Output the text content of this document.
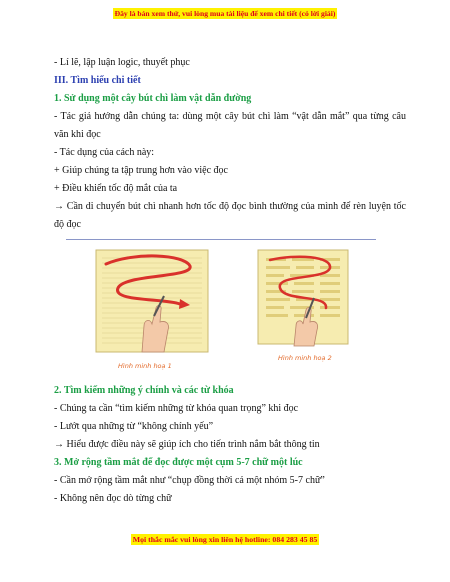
Đây là bản xem thử, vui lòng mua tài liệu để xem chi tiết (có lời giải)

- Lí lẽ, lập luận logic, thuyết phục

III. Tìm hiểu chi tiết

1. Sử dụng một cây bút chì làm vật dẫn đường

- Tác giả hướng dẫn chúng ta: dùng một cây bút chì làm “vật dẫn mắt” qua từng câu văn khi đọc

- Tác dụng của cách này:

+ Giúp chúng ta tập trung hơn vào việc đọc

+ Điều khiển tốc độ mắt của ta

→ Cần di chuyển bút chì nhanh hơn tốc độ đọc bình thường của mình để rèn luyện tốc độ đọc

Hình minh hoạ 1
Hình minh hoạ 2

2. Tìm kiếm những ý chính và các từ khóa

- Chúng ta cần “tìm kiếm những từ khóa quan trọng” khi đọc

- Lướt qua những từ “không chính yếu”

→ Hiểu được điều này sẽ giúp ích cho tiến trình nắm bắt thông tin

3. Mở rộng tầm mắt để đọc được một cụm 5-7 chữ một lúc

- Cần mở rộng tầm mắt như “chụp đồng thời cả một nhóm 5-7 chữ”

- Không nên đọc dò từng chữ

Mọi thắc mắc vui lòng xin liên hệ hotline: 084 283 45 85
